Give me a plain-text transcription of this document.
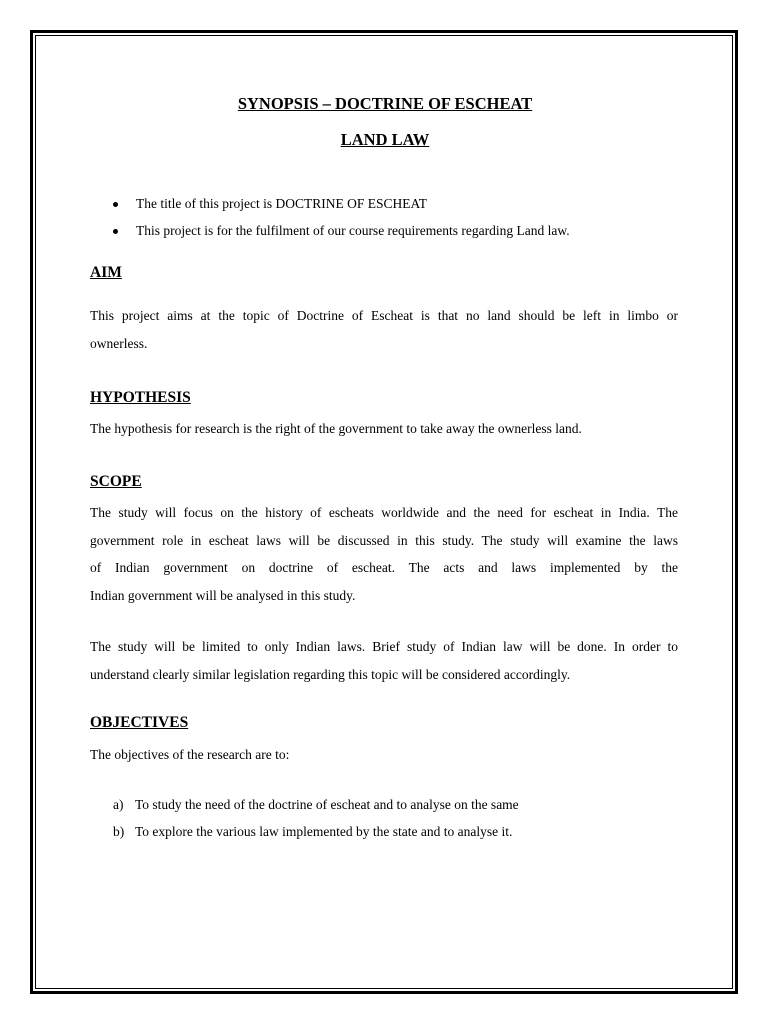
SYNOPSIS – DOCTRINE OF ESCHEAT
LAND LAW
The title of this project is DOCTRINE OF ESCHEAT
This project is for the fulfilment of our course requirements regarding Land law.
AIM
This project aims at the topic of Doctrine of Escheat is that no land should be left in limbo or
ownerless.
HYPOTHESIS
The hypothesis for research is the right of the government to take away the ownerless land.
SCOPE
The study will focus on the history of escheats worldwide and the need for escheat in India. The
government role in escheat laws will be discussed in this study. The study will examine the laws
of Indian government on doctrine of escheat. The acts and laws implemented by the
Indian government will be analysed in this study.
The study will be limited to only Indian laws. Brief study of Indian law will be done. In order to
understand clearly similar legislation regarding this topic will be considered accordingly.
OBJECTIVES
The objectives of the research are to:
a) To study the need of the doctrine of escheat and to analyse on the same
b) To explore the various law implemented by the state and to analyse it.
